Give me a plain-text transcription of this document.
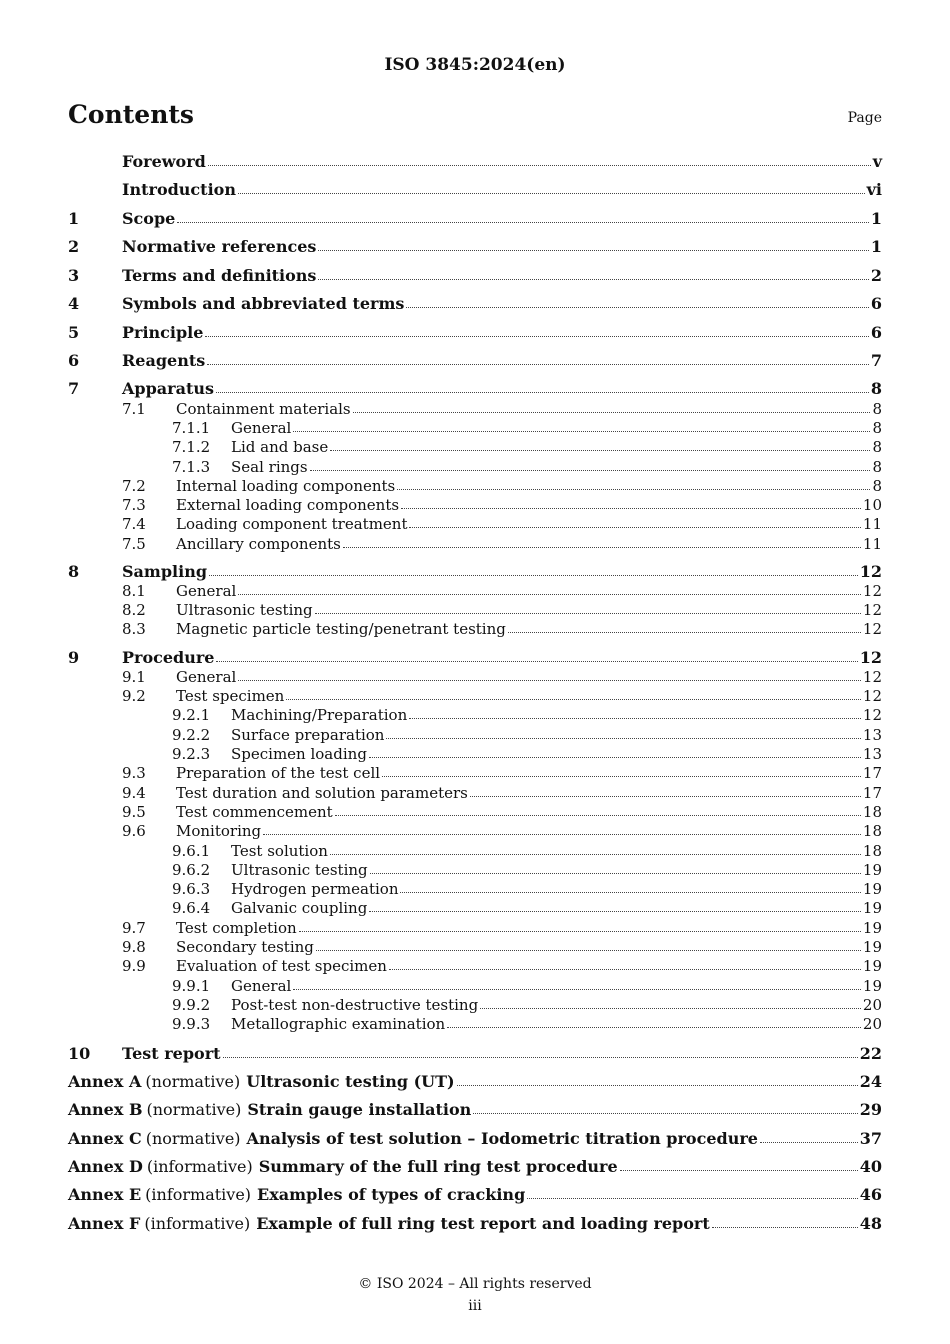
ISO 3845:2024(en)
Contents	Page
Foreword	v
Introduction	vi
1	Scope	1
2	Normative references	1
3	Terms and definitions	2
4	Symbols and abbreviated terms	6
5	Principle	6
6	Reagents	7
7	Apparatus	8
7.1	Containment materials	8
7.1.1	General	8
7.1.2	Lid and base	8
7.1.3	Seal rings	8
7.2	Internal loading components	8
7.3	External loading components	10
7.4	Loading component treatment	11
7.5	Ancillary components	11
8	Sampling	12
8.1	General	12
8.2	Ultrasonic testing	12
8.3	Magnetic particle testing/penetrant testing	12
9	Procedure	12
9.1	General	12
9.2	Test specimen	12
9.2.1	Machining/Preparation	12
9.2.2	Surface preparation	13
9.2.3	Specimen loading	13
9.3	Preparation of the test cell	17
9.4	Test duration and solution parameters	17
9.5	Test commencement	18
9.6	Monitoring	18
9.6.1	Test solution	18
9.6.2	Ultrasonic testing	19
9.6.3	Hydrogen permeation	19
9.6.4	Galvanic coupling	19
9.7	Test completion	19
9.8	Secondary testing	19
9.9	Evaluation of test specimen	19
9.9.1	General	19
9.9.2	Post-test non-destructive testing	20
9.9.3	Metallographic examination	20
10	Test report	22
Annex A (normative) Ultrasonic testing (UT)	24
Annex B (normative) Strain gauge installation	29
Annex C (normative) Analysis of test solution – Iodometric titration procedure	37
Annex D (informative) Summary of the full ring test procedure	40
Annex E (informative) Examples of types of cracking	46
Annex F (informative) Example of full ring test report and loading report	48
© ISO 2024 – All rights reserved
iii
